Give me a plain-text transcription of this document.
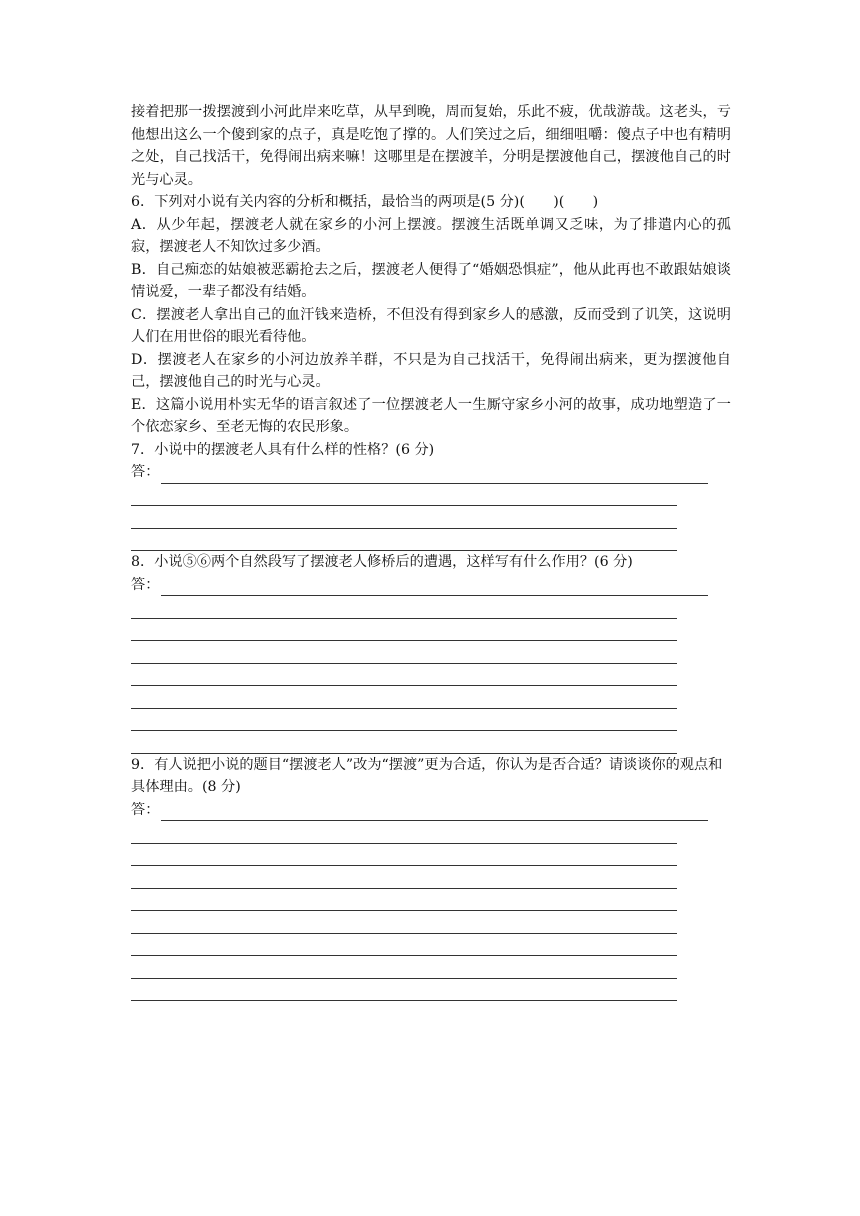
接着把那一拨摆渡到小河此岸来吃草，从早到晚，周而复始，乐此不疲，优哉游哉。这老头，亏他想出这么一个傻到家的点子，真是吃饱了撑的。人们笑过之后，细细咀嚼：傻点子中也有精明之处，自己找活干，免得闹出病来嘛！这哪里是在摆渡羊，分明是摆渡他自己，摆渡他自己的时光与心灵。

6．下列对小说有关内容的分析和概括，最恰当的两项是(5 分)(　　)(　　)

A．从少年起，摆渡老人就在家乡的小河上摆渡。摆渡生活既单调又乏味，为了排遣内心的孤寂，摆渡老人不知饮过多少酒。

B．自己痴恋的姑娘被恶霸抢去之后，摆渡老人便得了“婚姻恐惧症”，他从此再也不敢跟姑娘谈情说爱，一辈子都没有结婚。

C．摆渡老人拿出自己的血汗钱来造桥，不但没有得到家乡人的感激，反而受到了讥笑，这说明人们在用世俗的眼光看待他。

D．摆渡老人在家乡的小河边放养羊群，不只是为自己找活干，免得闹出病来，更为摆渡他自己，摆渡他自己的时光与心灵。

E．这篇小说用朴实无华的语言叙述了一位摆渡老人一生厮守家乡小河的故事，成功地塑造了一个依恋家乡、至老无悔的农民形象。

7．小说中的摆渡老人具有什么样的性格？(6 分)

答：

8．小说⑤⑥两个自然段写了摆渡老人修桥后的遭遇，这样写有什么作用？(6 分)

答：

9．有人说把小说的题目“摆渡老人”改为“摆渡”更为合适，你认为是否合适？请谈谈你的观点和具体理由。(8 分)

答：
